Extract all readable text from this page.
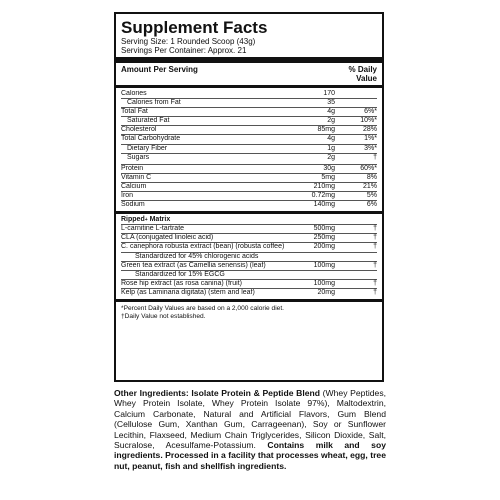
Supplement Facts
Serving Size: 1 Rounded Scoop (43g)
Servings Per Container: Approx. 21
Amount Per Serving	% Daily
Value
Calories	170
Calories from Fat	35
Total Fat	4g	6%*
Saturated Fat	2g	10%*
Cholesterol	85mg	28%
Total Carbohydrate	4g	1%*
Dietary Fiber	1g	3%*
Sugars	2g	†
Protein	30g	60%*
Vitamin C	5mg	8%
Calcium	210mg	21%
Iron	0.72mg	5%
Sodium	140mg	6%
Ripped+ Matrix
L-carnitine L-tartrate	500mg	†
CLA (conjugated linoleic acid)	250mg	†
C. canephora robusta extract (bean) (robusta coffee)	200mg	†
Standardized for 45% chlorogenic acids
Green tea extract (as Camellia senensis) (leaf)	100mg	†
Standardized for 15% EGCG
Rose hip extract (as rosa canina) (fruit)	100mg	†
Kelp (as Laminaria digitata) (stem and leaf)	20mg	†
*Percent Daily Values are based on a 2,000 calorie diet.
†Daily Value not established.
Other Ingredients: Isolate Protein & Peptide Blend (Whey Peptides, Whey Protein Isolate, Whey Protein Isolate 97%), Maltodextrin, Calcium Carbonate, Natural and Artificial Flavors, Gum Blend (Cellulose Gum, Xanthan Gum, Carrageenan), Soy or Sunflower Lecithin, Flaxseed, Medium Chain Triglycerides, Silicon Dioxide, Salt, Sucralose, Acesulfame-Potassium. Contains milk and soy ingredients. Processed in a facility that processes wheat, egg, tree nut, peanut, fish and shellfish ingredients.
